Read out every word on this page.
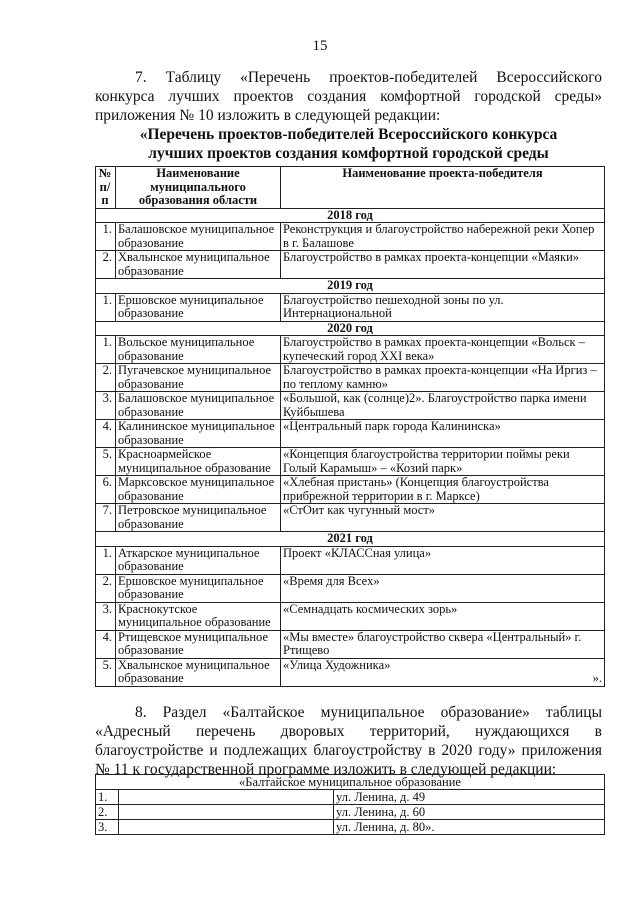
15

7. Таблицу «Перечень проектов-победителей Всероссийского конкурса лучших проектов создания комфортной городской среды» приложения № 10 изложить в следующей редакции:

«Перечень проектов-победителей Всероссийского конкурса
лучших проектов создания комфортной городской среды
№ п/п	Наименование муниципального образования области	Наименование проекта-победителя
2018 год		
1.	Балашовское муниципальное образование	Реконструкция и благоустройство набережной реки Хопер в г. Балашове
2.	Хвалынское муниципальное образование	Благоустройство в рамках проекта-концепции «Маяки»
2019 год		
1.	Ершовское муниципальное образование	Благоустройство пешеходной зоны по ул. Интернациональной
2020 год		
1.	Вольское муниципальное образование	Благоустройство в рамках проекта-концепции «Вольск – купеческий город XXI века»
2.	Пугачевское муниципальное образование	Благоустройство в рамках проекта-концепции «На Иргиз – по теплому камню»
3.	Балашовское муниципальное образование	«Большой, как (солнце)2». Благоустройство парка имени Куйбышева
4.	Калининское муниципальное образование	«Центральный парк города Калининска»
5.	Красноармейское муниципальное образование	«Концепция благоустройства территории поймы реки Голый Карамыш» – «Козий парк»
6.	Марксовское муниципальное образование	«Хлебная пристань» (Концепция благоустройства прибрежной территории в г. Марксе)
7.	Петровское муниципальное образование	«СтОит как чугунный мост»
2021 год		
1.	Аткарское муниципальное образование	Проект «КЛАССная улица»
2.	Ершовское муниципальное образование	«Время для Всех»
3.	Краснокутское муниципальное образование	«Семнадцать космических зорь»
4.	Ртищевское муниципальное образование	«Мы вместе» благоустройство сквера «Центральный» г. Ртищево
5.	Хвалынское муниципальное образование	«Улица Художника»
».

8. Раздел «Балтайское муниципальное образование» таблицы «Адресный перечень дворовых территорий, нуждающихся в благоустройстве и подлежащих благоустройству в 2020 году» приложения № 11 к государственной программе изложить в следующей редакции:

«Балтайское муниципальное образование		
1.		ул. Ленина, д. 49
2.		ул. Ленина, д. 60
3.		ул. Ленина, д. 80».
